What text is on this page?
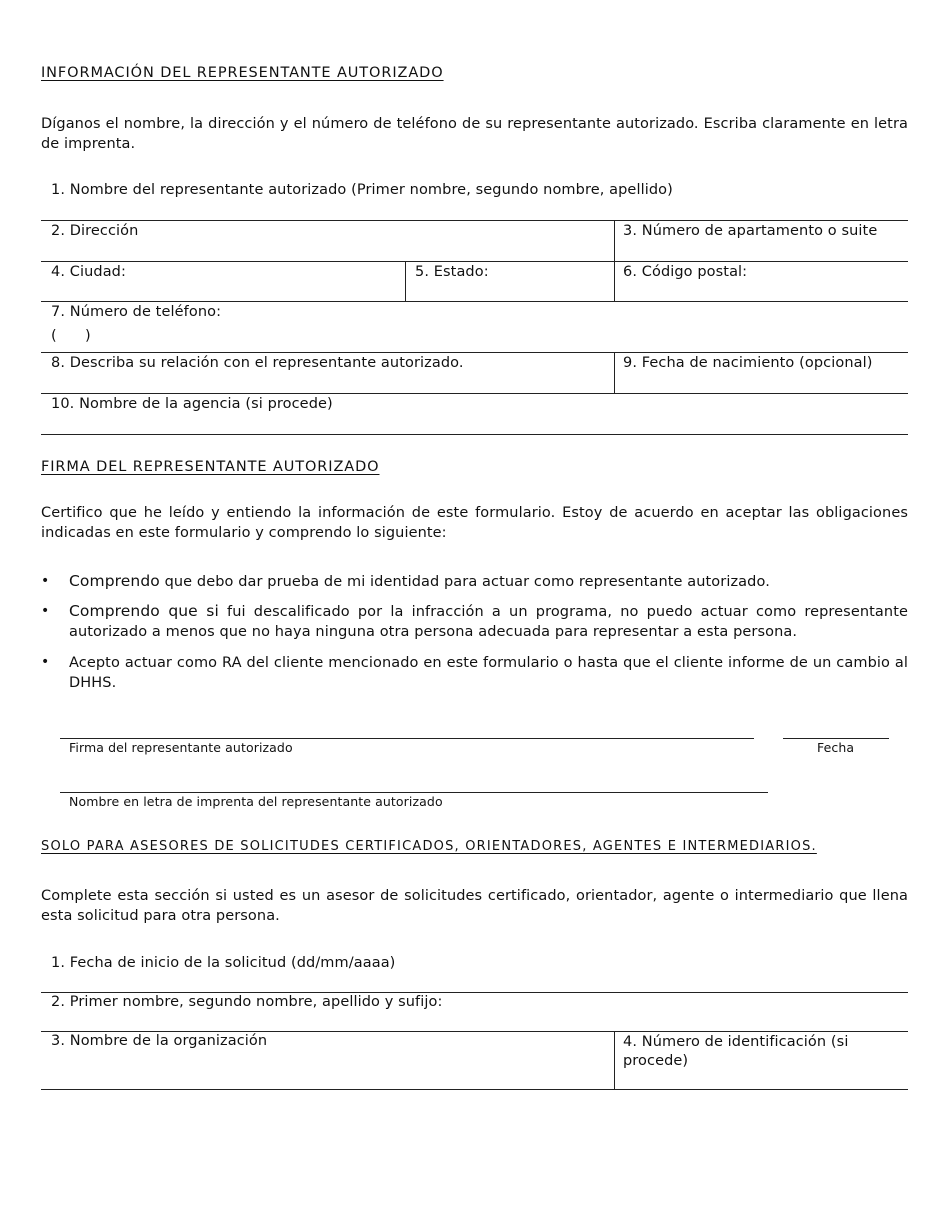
INFORMACIÓN DEL REPRESENTANTE AUTORIZADO
Díganos el nombre, la dirección y el número de teléfono de su representante autorizado. Escriba claramente en letra de imprenta.
1. Nombre del representante autorizado (Primer nombre, segundo nombre, apellido)
2. Dirección	3. Número de apartamento o suite
4. Ciudad:	5. Estado:	6. Código postal:
7. Número de teléfono:
(      )
8. Describa su relación con el representante autorizado.	9. Fecha de nacimiento (opcional)
10. Nombre de la agencia (si procede)
FIRMA DEL REPRESENTANTE AUTORIZADO
Certifico que he leído y entiendo la información de este formulario. Estoy de acuerdo en aceptar las obligaciones indicadas en este formulario y comprendo lo siguiente:
• Comprendo que debo dar prueba de mi identidad para actuar como representante autorizado.
• Comprendo que si fui descalificado por la infracción a un programa, no puedo actuar como representante autorizado a menos que no haya ninguna otra persona adecuada para representar a esta persona.
• Acepto actuar como RA del cliente mencionado en este formulario o hasta que el cliente informe de un cambio al DHHS.
Firma del representante autorizado	Fecha
Nombre en letra de imprenta del representante autorizado
SOLO PARA ASESORES DE SOLICITUDES CERTIFICADOS, ORIENTADORES, AGENTES E INTERMEDIARIOS.
Complete esta sección si usted es un asesor de solicitudes certificado, orientador, agente o intermediario que llena esta solicitud para otra persona.
1. Fecha de inicio de la solicitud (dd/mm/aaaa)
2. Primer nombre, segundo nombre, apellido y sufijo:
3. Nombre de la organización	4. Número de identificación (si procede)
